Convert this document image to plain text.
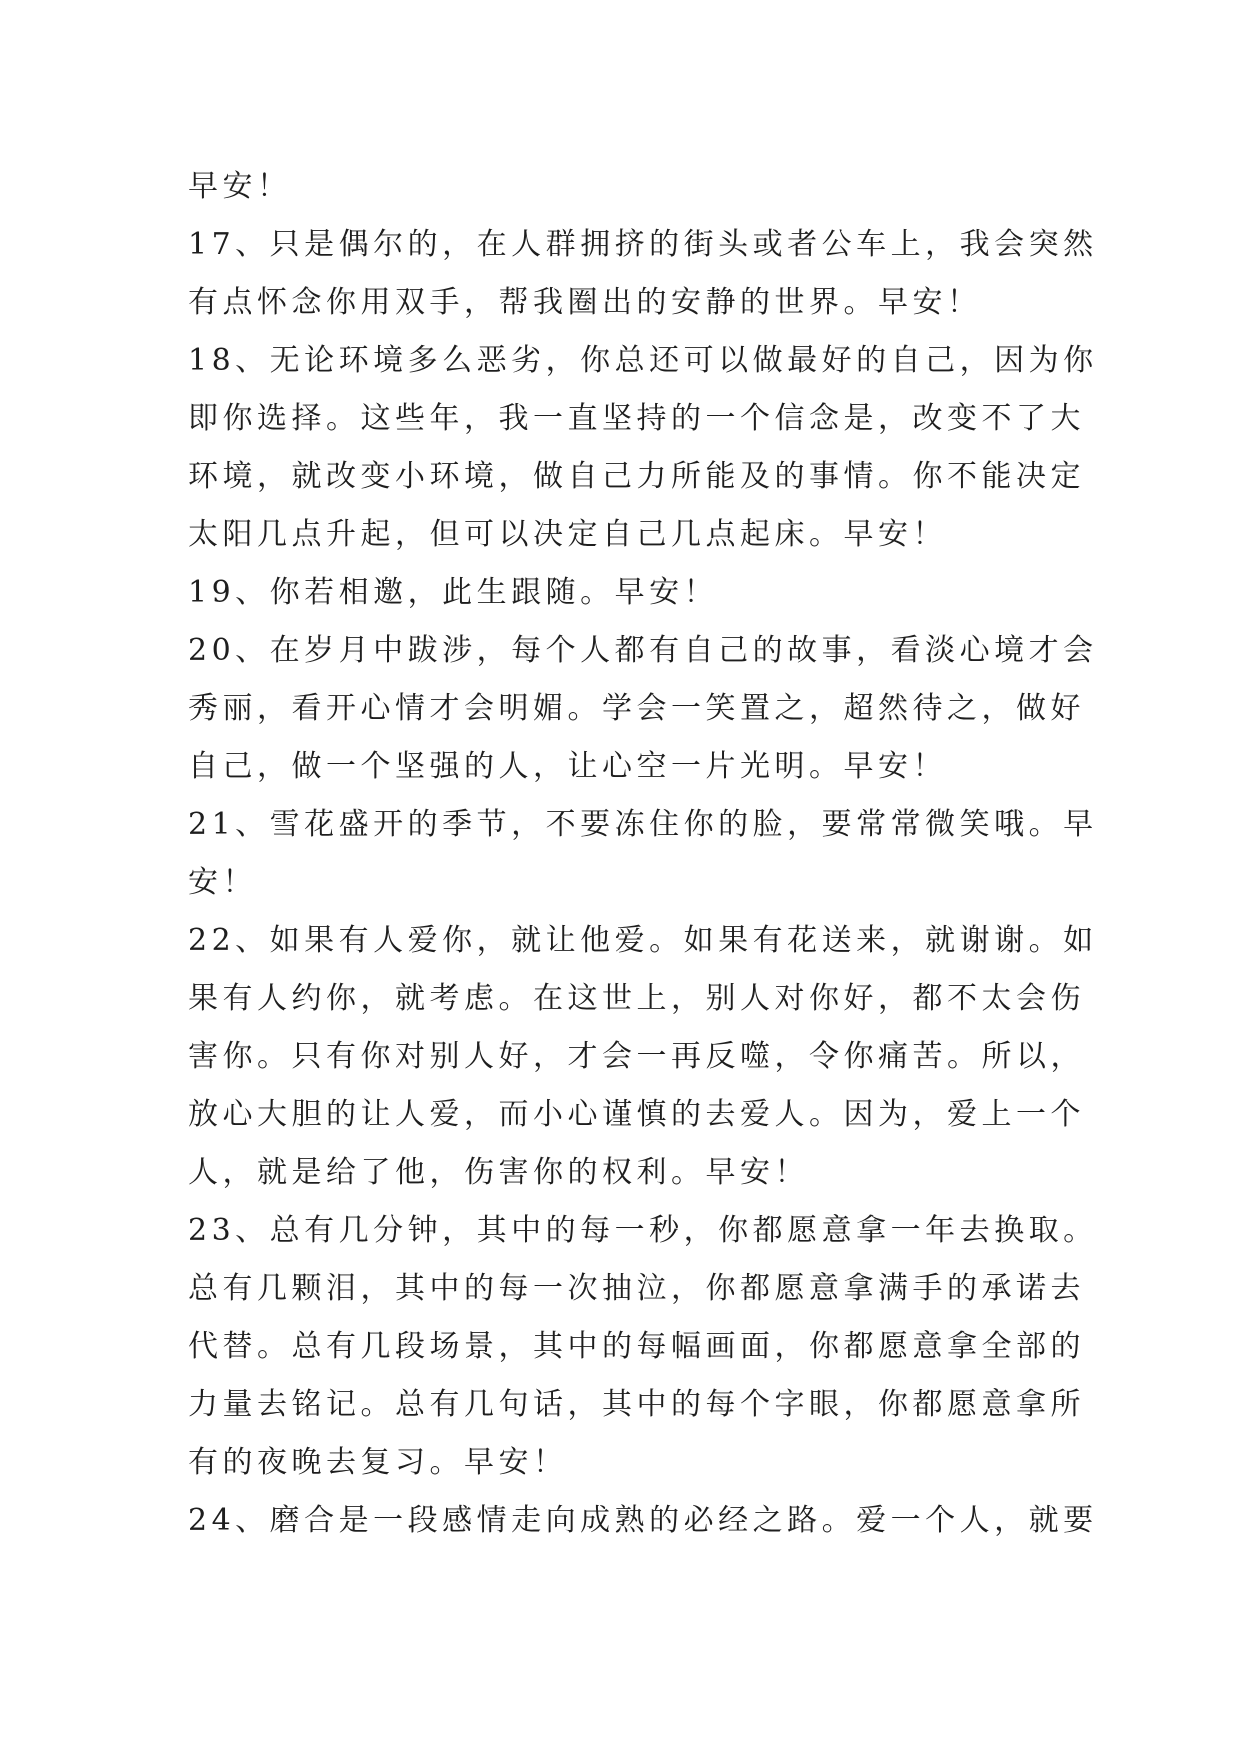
早安！
17、只是偶尔的，在人群拥挤的街头或者公车上，我会突然
有点怀念你用双手，帮我圈出的安静的世界。早安！
18、无论环境多么恶劣，你总还可以做最好的自己，因为你
即你选择。这些年，我一直坚持的一个信念是，改变不了大
环境，就改变小环境，做自己力所能及的事情。你不能决定
太阳几点升起，但可以决定自己几点起床。早安！
19、你若相邀，此生跟随。早安！
20、在岁月中跋涉，每个人都有自己的故事，看淡心境才会
秀丽，看开心情才会明媚。学会一笑置之，超然待之，做好
自己，做一个坚强的人，让心空一片光明。早安！
21、雪花盛开的季节，不要冻住你的脸，要常常微笑哦。早
安！
22、如果有人爱你，就让他爱。如果有花送来，就谢谢。如
果有人约你，就考虑。在这世上，别人对你好，都不太会伤
害你。只有你对别人好，才会一再反噬，令你痛苦。所以，
放心大胆的让人爱，而小心谨慎的去爱人。因为，爱上一个
人，就是给了他，伤害你的权利。早安！
23、总有几分钟，其中的每一秒，你都愿意拿一年去换取。
总有几颗泪，其中的每一次抽泣，你都愿意拿满手的承诺去
代替。总有几段场景，其中的每幅画面，你都愿意拿全部的
力量去铭记。总有几句话，其中的每个字眼，你都愿意拿所
有的夜晚去复习。早安！
24、磨合是一段感情走向成熟的必经之路。爱一个人，就要
